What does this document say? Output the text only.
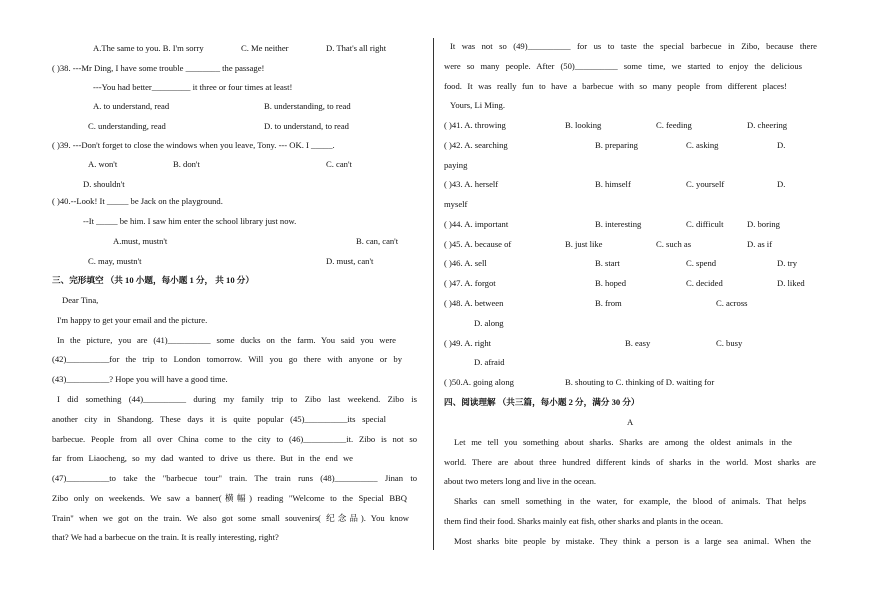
A.The same to you. B. I'm sorry	C. Me neither	D. That's all right
( )38. ---Mr Ding, I have some trouble ________ the passage!
---You had better_________ it three or four times at least!
A. to understand, read	B. understanding, to read
C. understanding, read	D. to understand, to read
( )39. ---Don't forget to close the windows when you leave, Tony. --- OK. I _____.
A. won't	B. don't	C. can't
D. shouldn't
( )40.--Look! It _____ be Jack on the playground.
--It _____ be him. I saw him enter the school library just now.
A.must, mustn't	B. can, can't
C. may, mustn't	D. must, can't
三、完形填空 （共 10 小题，每小题 1 分， 共 10 分）
Dear Tina,
I'm happy to get your email and the picture.
In the picture, you are (41)__________ some ducks on the farm. You said you were
(42)__________for the trip to London tomorrow. Will you go there with anyone or by
(43)__________? Hope you will have a good time.
I did something (44)__________ during my family trip to Zibo last weekend. Zibo is
another city in Shandong. These days it is quite popular (45)__________its special
barbecue. People from all over China come to the city to (46)__________it. Zibo is not so
far from Liaocheng, so my dad wanted to drive us there. But in the end we
(47)__________to take the "barbecue tour" train. The train runs (48)__________ Jinan to
Zibo only on weekends. We saw a banner(横幅) reading "Welcome to the Special BBQ
Train" when we got on the train. We also got some small souvenirs( 纪念品). You know
that? We had a barbecue on the train. It is really interesting, right?
It was not so (49)__________ for us to taste the special barbecue in Zibo, because there
were so many people. After (50)__________ some time, we started to enjoy the delicious
food. It was really fun to have a barbecue with so many people from different places!
Yours, Li Ming.
( )41. A. throwing	B. looking	C. feeding	D. cheering
( )42. A. searching	B. preparing	C. asking	D.
paying
( )43. A. herself	B. himself	C. yourself	D.
myself
( )44. A. important	B. interesting	C. difficult	D. boring
( )45. A. because of	B. just like	C. such as	D. as if
( )46. A. sell	B. start	C. spend	D. try
( )47. A. forgot	B. hoped	C. decided	D. liked
( )48. A. between	B. from	C. across
D. along
( )49. A. right	B. easy	C. busy
D. afraid
( )50.A. going along	B. shouting to C. thinking of D. waiting for
四、阅读理解 （共三篇，每小题 2 分，满分 30 分）
A
Let me tell you something about sharks. Sharks are among the oldest animals in the
world. There are about three hundred different kinds of sharks in the world. Most sharks are
about two meters long and live in the ocean.
Sharks can smell something in the water, for example, the blood of animals. That helps
them find their food. Sharks mainly eat fish, other sharks and plants in the ocean.
Most sharks bite people by mistake. They think a person is a large sea animal. When the
